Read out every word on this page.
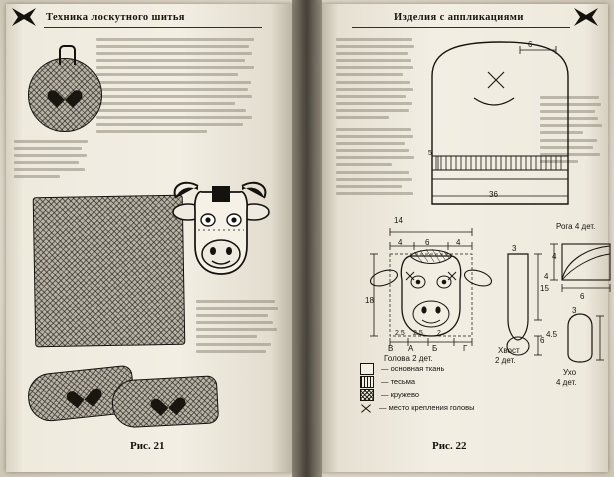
Техника лоскутного шитья
Рис. 21
Изделия с аппликациями
6
5
36
14
4	6	4
18
2.5 2.5 2
В А Б	Г
Голова 2 дет.
Рога 4 дет.
4
4
6
3
15
6
Хвост
2 дет.
3
4.5
Ухо
4 дет.
— основная ткань
— тесьма
— кружево
— место крепления головы
Рис. 22
